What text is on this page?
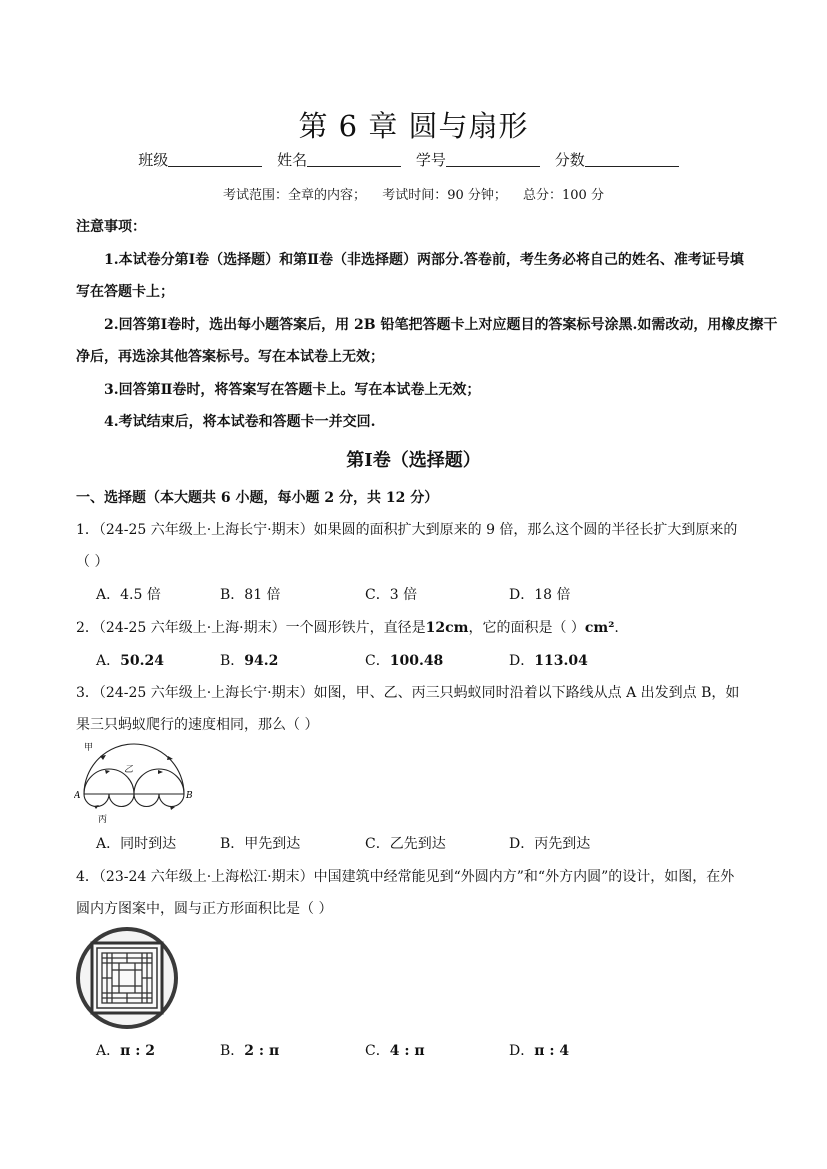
第 6 章 圆与扇形
班级	姓名	学号	分数
考试范围：全章的内容； 考试时间：90 分钟； 总分：100 分
注意事项：
1.本试卷分第Ⅰ卷（选择题）和第Ⅱ卷（非选择题）两部分.答卷前，考生务必将自己的姓名、准考证号填
写在答题卡上；
2.回答第Ⅰ卷时，选出每小题答案后，用 2B 铅笔把答题卡上对应题目的答案标号涂黑.如需改动，用橡皮擦干
净后，再选涂其他答案标号。写在本试卷上无效；
3.回答第Ⅱ卷时，将答案写在答题卡上。写在本试卷上无效；
4.考试结束后，将本试卷和答题卡一并交回.
第Ⅰ卷（选择题）
一、选择题（本大题共 6 小题，每小题 2 分，共 12 分）
1．（24-25 六年级上·上海长宁·期末）如果圆的面积扩大到原来的 9 倍，那么这个圆的半径长扩大到原来的
（ ）
A．4.5 倍	B．81 倍	C．3 倍	D．18 倍
2．（24-25 六年级上·上海·期末）一个圆形铁片，直径是12cm，它的面积是（ ）cm².
A．50.24	B．94.2	C．100.48	D．113.04
3．（24-25 六年级上·上海长宁·期末）如图，甲、乙、丙三只蚂蚁同时沿着以下路线从点 A 出发到点 B，如
果三只蚂蚁爬行的速度相同，那么（ ）
甲
乙
丙
A	B
A．同时到达	B．甲先到达	C．乙先到达	D．丙先到达
4．（23-24 六年级上·上海松江·期末）中国建筑中经常能见到“外圆内方”和“外方内圆”的设计，如图，在外
圆内方图案中，圆与正方形面积比是（ ）
A．π : 2	B．2 : π	C．4 : π	D．π : 4
